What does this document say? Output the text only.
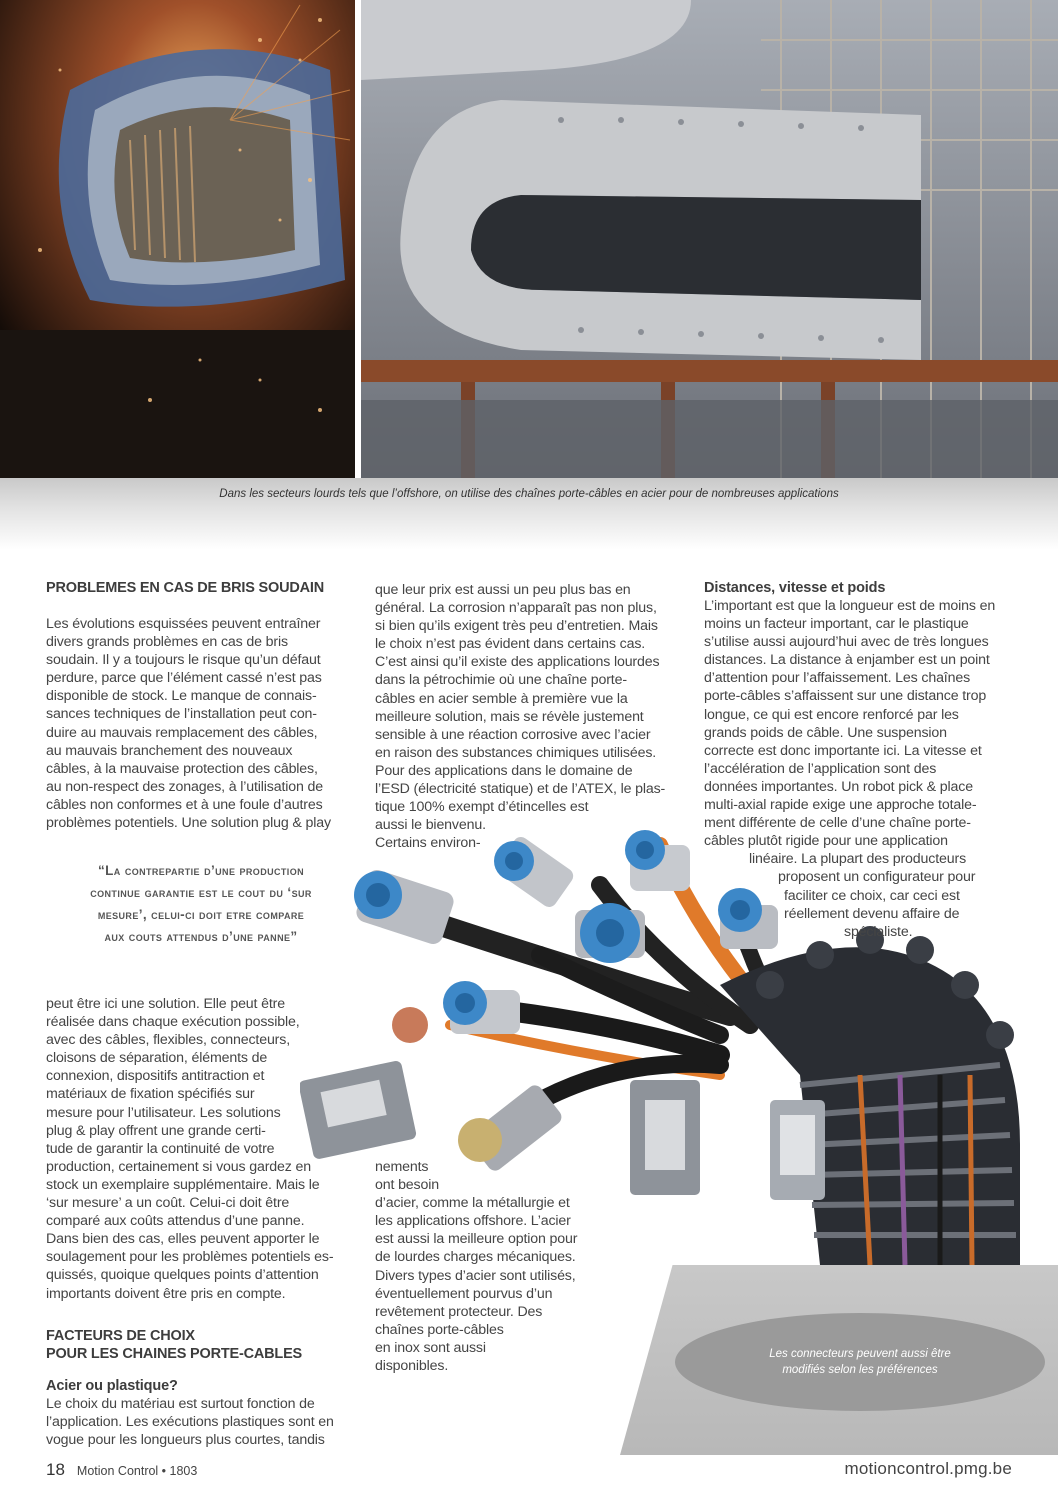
Dans les secteurs lourds tels que l’offshore, on utilise des chaînes porte-câbles en acier pour de nombreuses applications
PROBLEMES EN CAS DE BRIS SOUDAIN

Les évolutions esquissées peuvent entraîner

divers grands problèmes en cas de bris

soudain. Il y a toujours le risque qu’un défaut

perdure, parce que l’élément cassé n’est pas

disponible de stock. Le manque de connais-

sances techniques de l’installation peut con-

duire au mauvais remplacement des câbles,

au mauvais branchement des nouveaux

câbles, à la mauvaise protection des câbles,

au non-respect des zonages, à l’utilisation de

câbles non conformes et à une foule d’autres

problèmes potentiels. Une solution plug & play

“La contrepartie d’une production
continue garantie est le cout du ‘sur
mesure’, celui-ci doit etre compare
aux couts attendus d’une panne”

peut être ici une solution. Elle peut être

réalisée dans chaque exécution possible,

avec des câbles, flexibles, connecteurs,

cloisons de séparation, éléments de

connexion, dispositifs antitraction et

matériaux de fixation spécifiés sur

mesure pour l’utilisateur. Les solutions

plug & play offrent une grande certi-

tude de garantir la continuité de votre

production, certainement si vous gardez en

stock un exemplaire supplémentaire. Mais le

‘sur mesure’ a un coût. Celui-ci doit être

comparé aux coûts attendus d’une panne.

Dans bien des cas, elles peuvent apporter le

soulagement pour les problèmes potentiels es-

quissés, quoique quelques points d’attention

importants doivent être pris en compte.

FACTEURS DE CHOIX
POUR LES CHAINES PORTE-CABLES
Acier ou plastique?

Le choix du matériau est surtout fonction de

l’application. Les exécutions plastiques sont en

vogue pour les longueurs plus courtes, tandis

que leur prix est aussi un peu plus bas en

général. La corrosion n’apparaît pas non plus,

si bien qu’ils exigent très peu d’entretien. Mais

le choix n’est pas évident dans certains cas.

C’est ainsi qu’il existe des applications lourdes

dans la pétrochimie où une chaîne porte-

câbles en acier semble à première vue la

meilleure solution, mais se révèle justement

sensible à une réaction corrosive avec l’acier

en raison des substances chimiques utilisées.

Pour des applications dans le domaine de

l’ESD (électricité statique) et de l’ATEX, le plas-

tique 100% exempt d’étincelles est

aussi le bienvenu.

Certains environ-

nements

ont besoin

d’acier, comme la métallurgie et

les applications offshore. L’acier

est aussi la meilleure option pour

de lourdes charges mécaniques.

Divers types d’acier sont utilisés,

éventuellement pourvus d’un

revêtement protecteur. Des

chaînes porte-câbles

en inox sont aussi

disponibles.

Distances, vitesse et poids

L’important est que la longueur est de moins en

moins un facteur important, car le plastique

s’utilise aussi aujourd’hui avec de très longues

distances. La distance à enjamber est un point

d’attention pour l’affaissement. Les chaînes

porte-câbles s’affaissent sur une distance trop

longue, ce qui est encore renforcé par les

grands poids de câble. Une suspension

correcte est donc importante ici. La vitesse et

l’accélération de l’application sont des

données importantes. Un robot pick & place

multi-axial rapide exige une approche totale-

ment différente de celle d’une chaîne porte-

câbles plutôt rigide pour une application

linéaire. La plupart des producteurs

proposent un configurateur pour

faciliter ce choix, car ceci est

réellement devenu affaire de

spécialiste.

Les connecteurs peuvent aussi être
modifiés selon les préférences
18 Motion Control • 1803	motioncontrol.pmg.be
